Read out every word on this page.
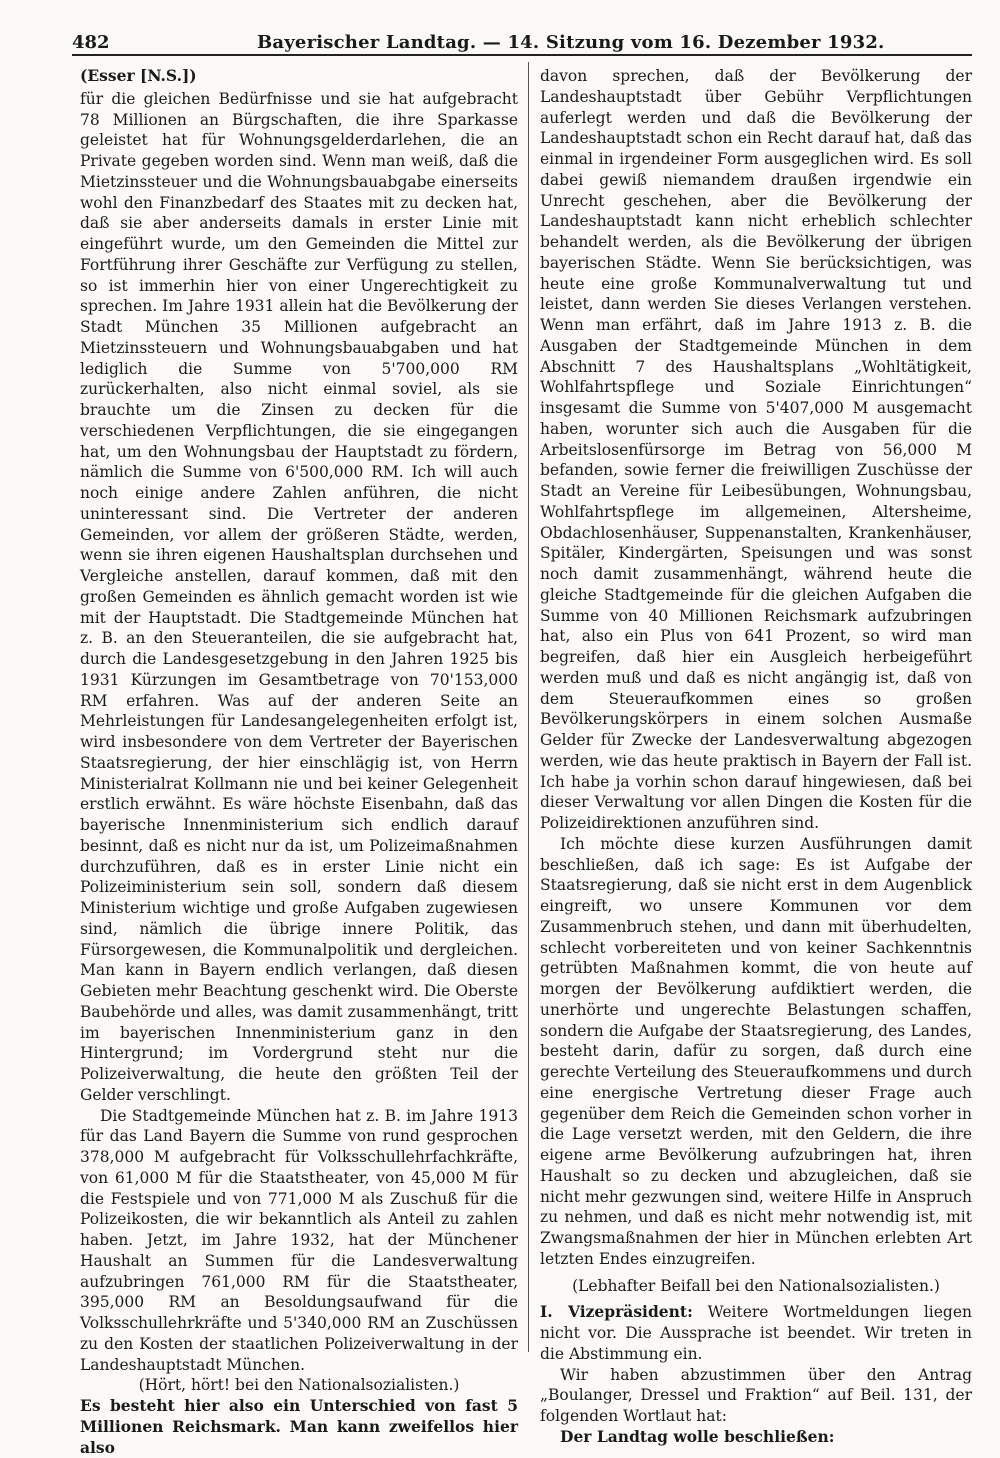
482	Bayerischer Landtag. — 14. Sitzung vom 16. Dezember 1932.
(Esser [N.S.])

für die gleichen Bedürfnisse und sie hat aufgebracht 78 Millionen an Bürgschaften, die ihre Sparkasse geleistet hat für Wohnungsgelderdarlehen, die an Private gegeben worden sind. Wenn man weiß, daß die Mietzinssteuer und die Wohnungsbauabgabe einerseits wohl den Finanzbedarf des Staates mit zu decken hat, daß sie aber anderseits damals in erster Linie mit eingeführt wurde, um den Gemeinden die Mittel zur Fortführung ihrer Geschäfte zur Verfügung zu stellen, so ist immerhin hier von einer Ungerechtigkeit zu sprechen. Im Jahre 1931 allein hat die Bevölkerung der Stadt München 35 Millionen aufgebracht an Mietzinssteuern und Wohnungsbauabgaben und hat lediglich die Summe von 5'700,000 RM zurückerhalten, also nicht einmal soviel, als sie brauchte um die Zinsen zu decken für die verschiedenen Verpflichtungen, die sie eingegangen hat, um den Wohnungsbau der Hauptstadt zu fördern, nämlich die Summe von 6'500,000 RM. Ich will auch noch einige andere Zahlen anführen, die nicht uninteressant sind. Die Vertreter der anderen Gemeinden, vor allem der größeren Städte, werden, wenn sie ihren eigenen Haushaltsplan durchsehen und Vergleiche anstellen, darauf kommen, daß mit den großen Gemeinden es ähnlich gemacht worden ist wie mit der Hauptstadt. Die Stadtgemeinde München hat z. B. an den Steueranteilen, die sie aufgebracht hat, durch die Landesgesetzgebung in den Jahren 1925 bis 1931 Kürzungen im Gesamtbetrage von 70'153,000 RM erfahren. Was auf der anderen Seite an Mehrleistungen für Landesangelegenheiten erfolgt ist, wird insbesondere von dem Vertreter der Bayerischen Staatsregierung, der hier einschlägig ist, von Herrn Ministerialrat Kollmann nie und bei keiner Gelegenheit erstlich erwähnt. Es wäre höchste Eisenbahn, daß das bayerische Innenministerium sich endlich darauf besinnt, daß es nicht nur da ist, um Polizeimaßnahmen durchzuführen, daß es in erster Linie nicht ein Polizeiministerium sein soll, sondern daß diesem Ministerium wichtige und große Aufgaben zugewiesen sind, nämlich die übrige innere Politik, das Fürsorgewesen, die Kommunalpolitik und dergleichen. Man kann in Bayern endlich verlangen, daß diesen Gebieten mehr Beachtung geschenkt wird. Die Oberste Baubehörde und alles, was damit zusammenhängt, tritt im bayerischen Innenministerium ganz in den Hintergrund; im Vordergrund steht nur die Polizeiverwaltung, die heute den größten Teil der Gelder verschlingt.

Die Stadtgemeinde München hat z. B. im Jahre 1913 für das Land Bayern die Summe von rund gesprochen 378,000 M aufgebracht für Volksschullehrfachkräfte, von 61,000 M für die Staatstheater, von 45,000 M für die Festspiele und von 771,000 M als Zuschuß für die Polizeikosten, die wir bekanntlich als Anteil zu zahlen haben. Jetzt, im Jahre 1932, hat der Münchener Haushalt an Summen für die Landesverwaltung aufzubringen 761,000 RM für die Staatstheater, 395,000 RM an Besoldungsaufwand für die Volksschullehrkräfte und 5'340,000 RM an Zuschüssen zu den Kosten der staatlichen Polizeiverwaltung in der Landeshauptstadt München.

(Hört, hört! bei den Nationalsozialisten.)

Es besteht hier also ein Unterschied von fast 5 Millionen Reichsmark. Man kann zweifellos hier also

davon sprechen, daß der Bevölkerung der Landeshauptstadt über Gebühr Verpflichtungen auferlegt werden und daß die Bevölkerung der Landeshauptstadt schon ein Recht darauf hat, daß das einmal in irgendeiner Form ausgeglichen wird. Es soll dabei gewiß niemandem draußen irgendwie ein Unrecht geschehen, aber die Bevölkerung der Landeshauptstadt kann nicht erheblich schlechter behandelt werden, als die Bevölkerung der übrigen bayerischen Städte. Wenn Sie berücksichtigen, was heute eine große Kommunalverwaltung tut und leistet, dann werden Sie dieses Verlangen verstehen. Wenn man erfährt, daß im Jahre 1913 z. B. die Ausgaben der Stadtgemeinde München in dem Abschnitt 7 des Haushaltsplans „Wohltätigkeit, Wohlfahrtspflege und Soziale Einrichtungen“ insgesamt die Summe von 5'407,000 M ausgemacht haben, worunter sich auch die Ausgaben für die Arbeitslosenfürsorge im Betrag von 56,000 M befanden, sowie ferner die freiwilligen Zuschüsse der Stadt an Vereine für Leibesübungen, Wohnungsbau, Wohlfahrtspflege im allgemeinen, Altersheime, Obdachlosenhäuser, Suppenanstalten, Krankenhäuser, Spitäler, Kindergärten, Speisungen und was sonst noch damit zusammenhängt, während heute die gleiche Stadtgemeinde für die gleichen Aufgaben die Summe von 40 Millionen Reichsmark aufzubringen hat, also ein Plus von 641 Prozent, so wird man begreifen, daß hier ein Ausgleich herbeigeführt werden muß und daß es nicht angängig ist, daß von dem Steueraufkommen eines so großen Bevölkerungskörpers in einem solchen Ausmaße Gelder für Zwecke der Landesverwaltung abgezogen werden, wie das heute praktisch in Bayern der Fall ist. Ich habe ja vorhin schon darauf hingewiesen, daß bei dieser Verwaltung vor allen Dingen die Kosten für die Polizeidirektionen anzuführen sind.

Ich möchte diese kurzen Ausführungen damit beschließen, daß ich sage: Es ist Aufgabe der Staatsregierung, daß sie nicht erst in dem Augenblick eingreift, wo unsere Kommunen vor dem Zusammenbruch stehen, und dann mit überhudelten, schlecht vorbereiteten und von keiner Sachkenntnis getrübten Maßnahmen kommt, die von heute auf morgen der Bevölkerung aufdiktiert werden, die unerhörte und ungerechte Belastungen schaffen, sondern die Aufgabe der Staatsregierung, des Landes, besteht darin, dafür zu sorgen, daß durch eine gerechte Verteilung des Steueraufkommens und durch eine energische Vertretung dieser Frage auch gegenüber dem Reich die Gemeinden schon vorher in die Lage versetzt werden, mit den Geldern, die ihre eigene arme Bevölkerung aufzubringen hat, ihren Haushalt so zu decken und abzugleichen, daß sie nicht mehr gezwungen sind, weitere Hilfe in Anspruch zu nehmen, und daß es nicht mehr notwendig ist, mit Zwangsmaßnahmen der hier in München erlebten Art letzten Endes einzugreifen.

(Lebhafter Beifall bei den Nationalsozialisten.)

I. Vizepräsident: Weitere Wortmeldungen liegen nicht vor. Die Aussprache ist beendet. Wir treten in die Abstimmung ein.

Wir haben abzustimmen über den Antrag „Boulanger, Dressel und Fraktion“ auf Beil. 131, der folgenden Wortlaut hat:

Der Landtag wolle beschließen:
